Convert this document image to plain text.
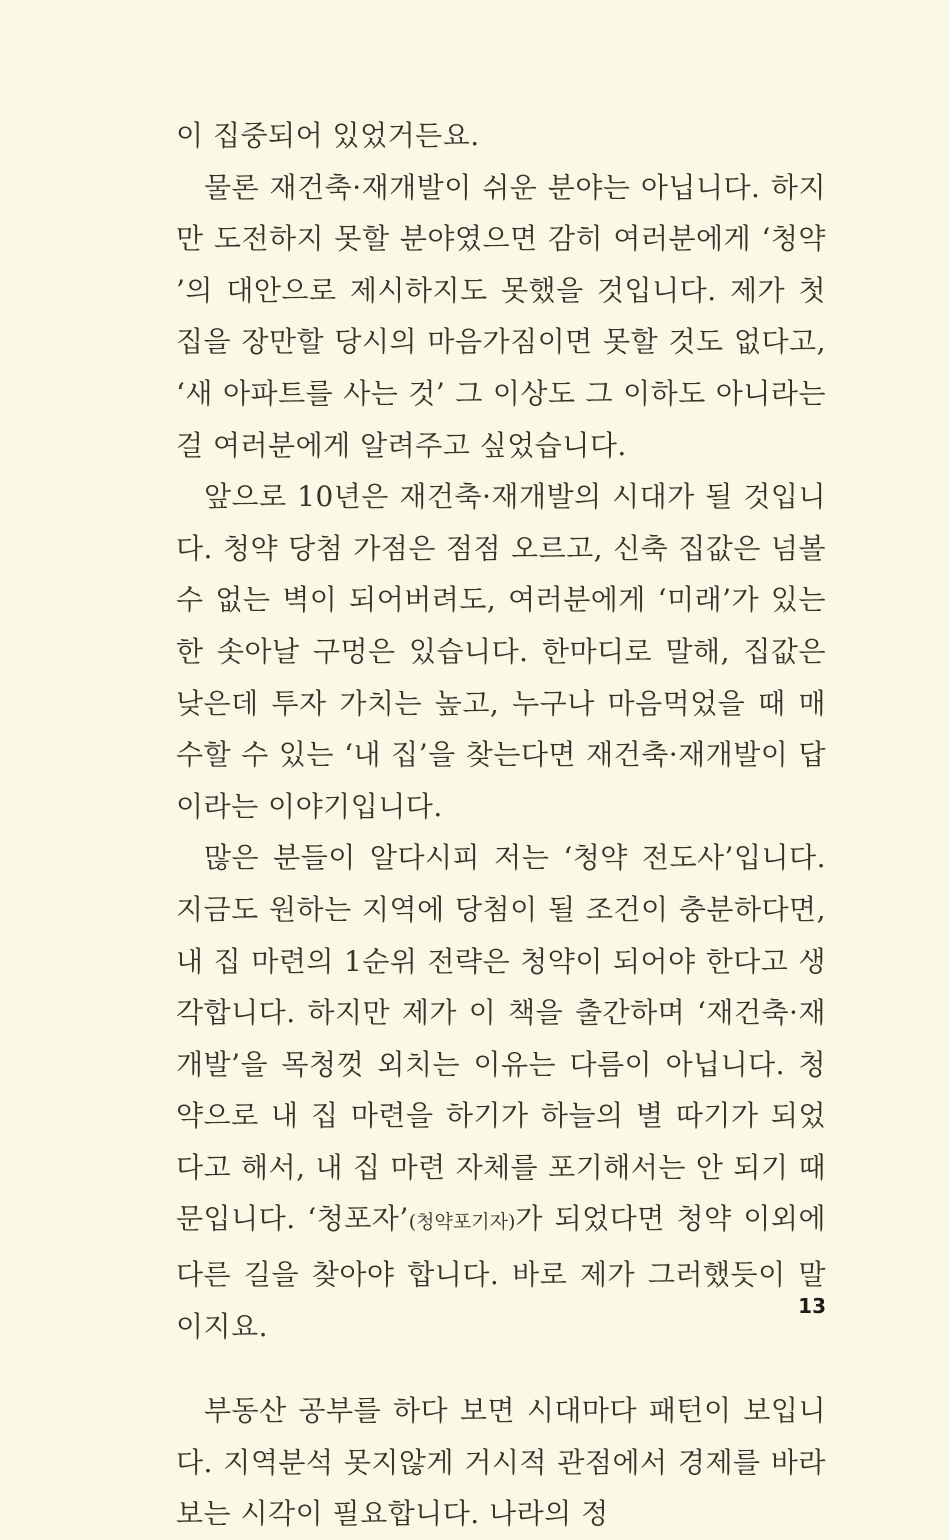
이 집중되어 있었거든요.

물론 재건축·재개발이 쉬운 분야는 아닙니다. 하지만 도전하지 못할 분야였으면 감히 여러분에게 ‘청약’의 대안으로 제시하지도 못했을 것입니다. 제가 첫 집을 장만할 당시의 마음가짐이면 못할 것도 없다고, ‘새 아파트를 사는 것’ 그 이상도 그 이하도 아니라는 걸 여러분에게 알려주고 싶었습니다.

앞으로 10년은 재건축·재개발의 시대가 될 것입니다. 청약 당첨 가점은 점점 오르고, 신축 집값은 넘볼 수 없는 벽이 되어버려도, 여러분에게 ‘미래’가 있는 한 솟아날 구멍은 있습니다. 한마디로 말해, 집값은 낮은데 투자 가치는 높고, 누구나 마음먹었을 때 매수할 수 있는 ‘내 집’을 찾는다면 재건축·재개발이 답이라는 이야기입니다.

많은 분들이 알다시피 저는 ‘청약 전도사’입니다. 지금도 원하는 지역에 당첨이 될 조건이 충분하다면, 내 집 마련의 1순위 전략은 청약이 되어야 한다고 생각합니다. 하지만 제가 이 책을 출간하며 ‘재건축·재개발’을 목청껏 외치는 이유는 다름이 아닙니다. 청약으로 내 집 마련을 하기가 하늘의 별 따기가 되었다고 해서, 내 집 마련 자체를 포기해서는 안 되기 때문입니다. ‘청포자’(청약포기자)가 되었다면 청약 이외에 다른 길을 찾아야 합니다. 바로 제가 그러했듯이 말이지요.

부동산 공부를 하다 보면 시대마다 패턴이 보입니다. 지역분석 못지않게 거시적 관점에서 경제를 바라보는 시각이 필요합니다. 나라의 정

13
